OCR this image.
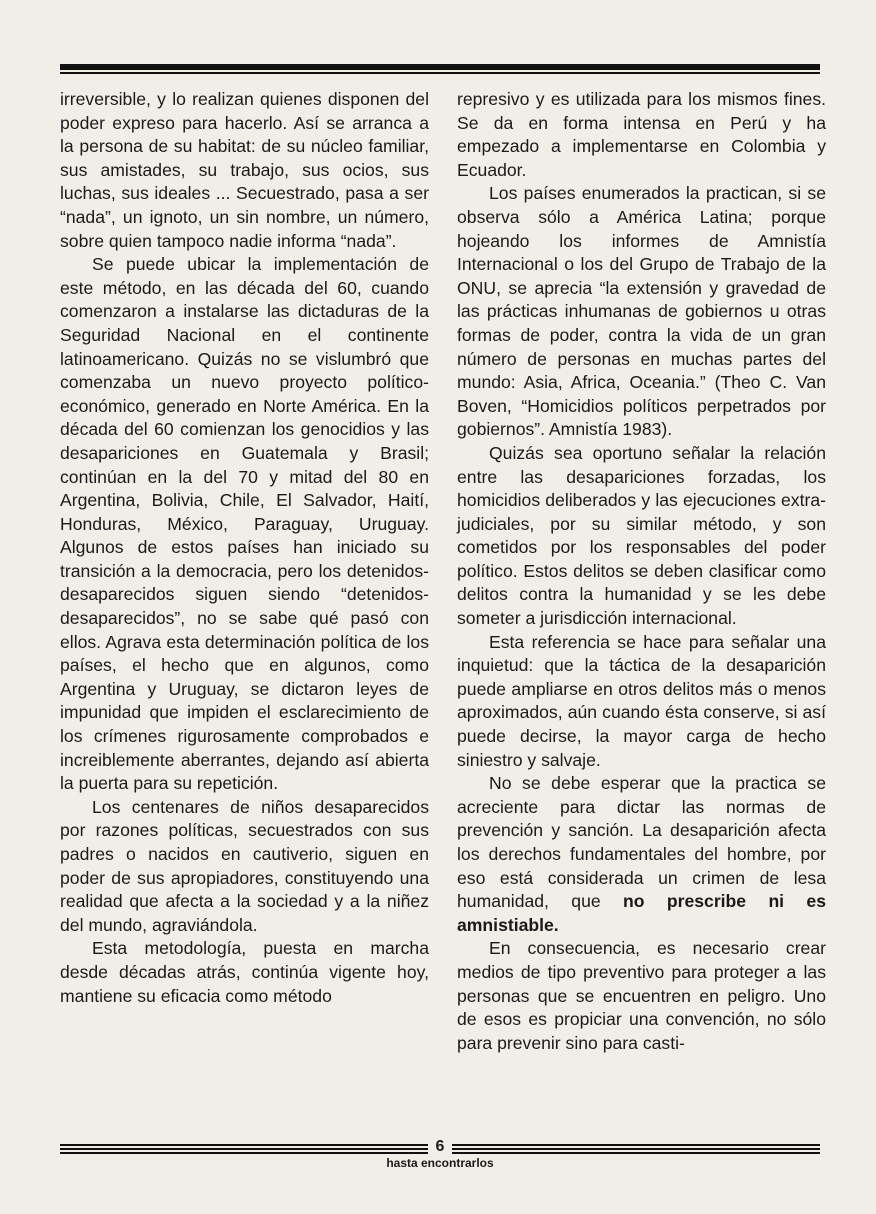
irreversible, y lo realizan quienes disponen del poder expreso para hacerlo. Así se arranca a la persona de su habitat: de su núcleo familiar, sus amistades, su trabajo, sus ocios, sus luchas, sus ideales ... Secuestrado, pasa a ser “nada”, un ignoto, un sin nombre, un número, sobre quien tampoco nadie informa “nada”.

Se puede ubicar la implementación de este método, en las década del 60, cuando comenzaron a instalarse las dictaduras de la Seguridad Nacional en el continente latinoamericano. Quizás no se vislumbró que comenzaba un nuevo proyecto político-económico, generado en Norte América. En la década del 60 comienzan los genocidios y las desapariciones en Guatemala y Brasil; continúan en la del 70 y mitad del 80 en Argentina, Bolivia, Chile, El Salvador, Haití, Honduras, México, Paraguay, Uruguay. Algunos de estos países han iniciado su transición a la democracia, pero los detenidos-desaparecidos siguen siendo “detenidos-desaparecidos”, no se sabe qué pasó con ellos. Agrava esta determinación política de los países, el hecho que en algunos, como Argentina y Uruguay, se dictaron leyes de impunidad que impiden el esclarecimiento de los crímenes rigurosamente comprobados e increiblemente aberrantes, dejando así abierta la puerta para su repetición.

Los centenares de niños desaparecidos por razones políticas, secuestrados con sus padres o nacidos en cautiverio, siguen en poder de sus apropiadores, constituyendo una realidad que afecta a la sociedad y a la niñez del mundo, agraviándola.

Esta metodología, puesta en marcha desde décadas atrás, continúa vigente hoy, mantiene su eficacia como método

represivo y es utilizada para los mismos fines. Se da en forma intensa en Perú y ha empezado a implementarse en Colombia y Ecuador.

Los países enumerados la practican, si se observa sólo a América Latina; porque hojeando los informes de Amnistía Internacional o los del Grupo de Trabajo de la ONU, se aprecia “la extensión y gravedad de las prácticas inhumanas de gobiernos u otras formas de poder, contra la vida de un gran número de personas en muchas partes del mundo: Asia, Africa, Oceania.” (Theo C. Van Boven, “Homicidios políticos perpetrados por gobiernos”. Amnistía 1983).

Quizás sea oportuno señalar la relación entre las desapariciones forzadas, los homicidios deliberados y las ejecuciones extra-judiciales, por su similar método, y son cometidos por los responsables del poder político. Estos delitos se deben clasificar como delitos contra la humanidad y se les debe someter a jurisdicción internacional.

Esta referencia se hace para señalar una inquietud: que la táctica de la desaparición puede ampliarse en otros delitos más o menos aproximados, aún cuando ésta conserve, si así puede decirse, la mayor carga de hecho siniestro y salvaje.

No se debe esperar que la practica se acreciente para dictar las normas de prevención y sanción. La desaparición afecta los derechos fundamentales del hombre, por eso está considerada un crimen de lesa humanidad, que no prescribe ni es amnistiable.

En consecuencia, es necesario crear medios de tipo preventivo para proteger a las personas que se encuentren en peligro. Uno de esos es propiciar una convención, no sólo para prevenir sino para casti-

6
hasta encontrarlos
